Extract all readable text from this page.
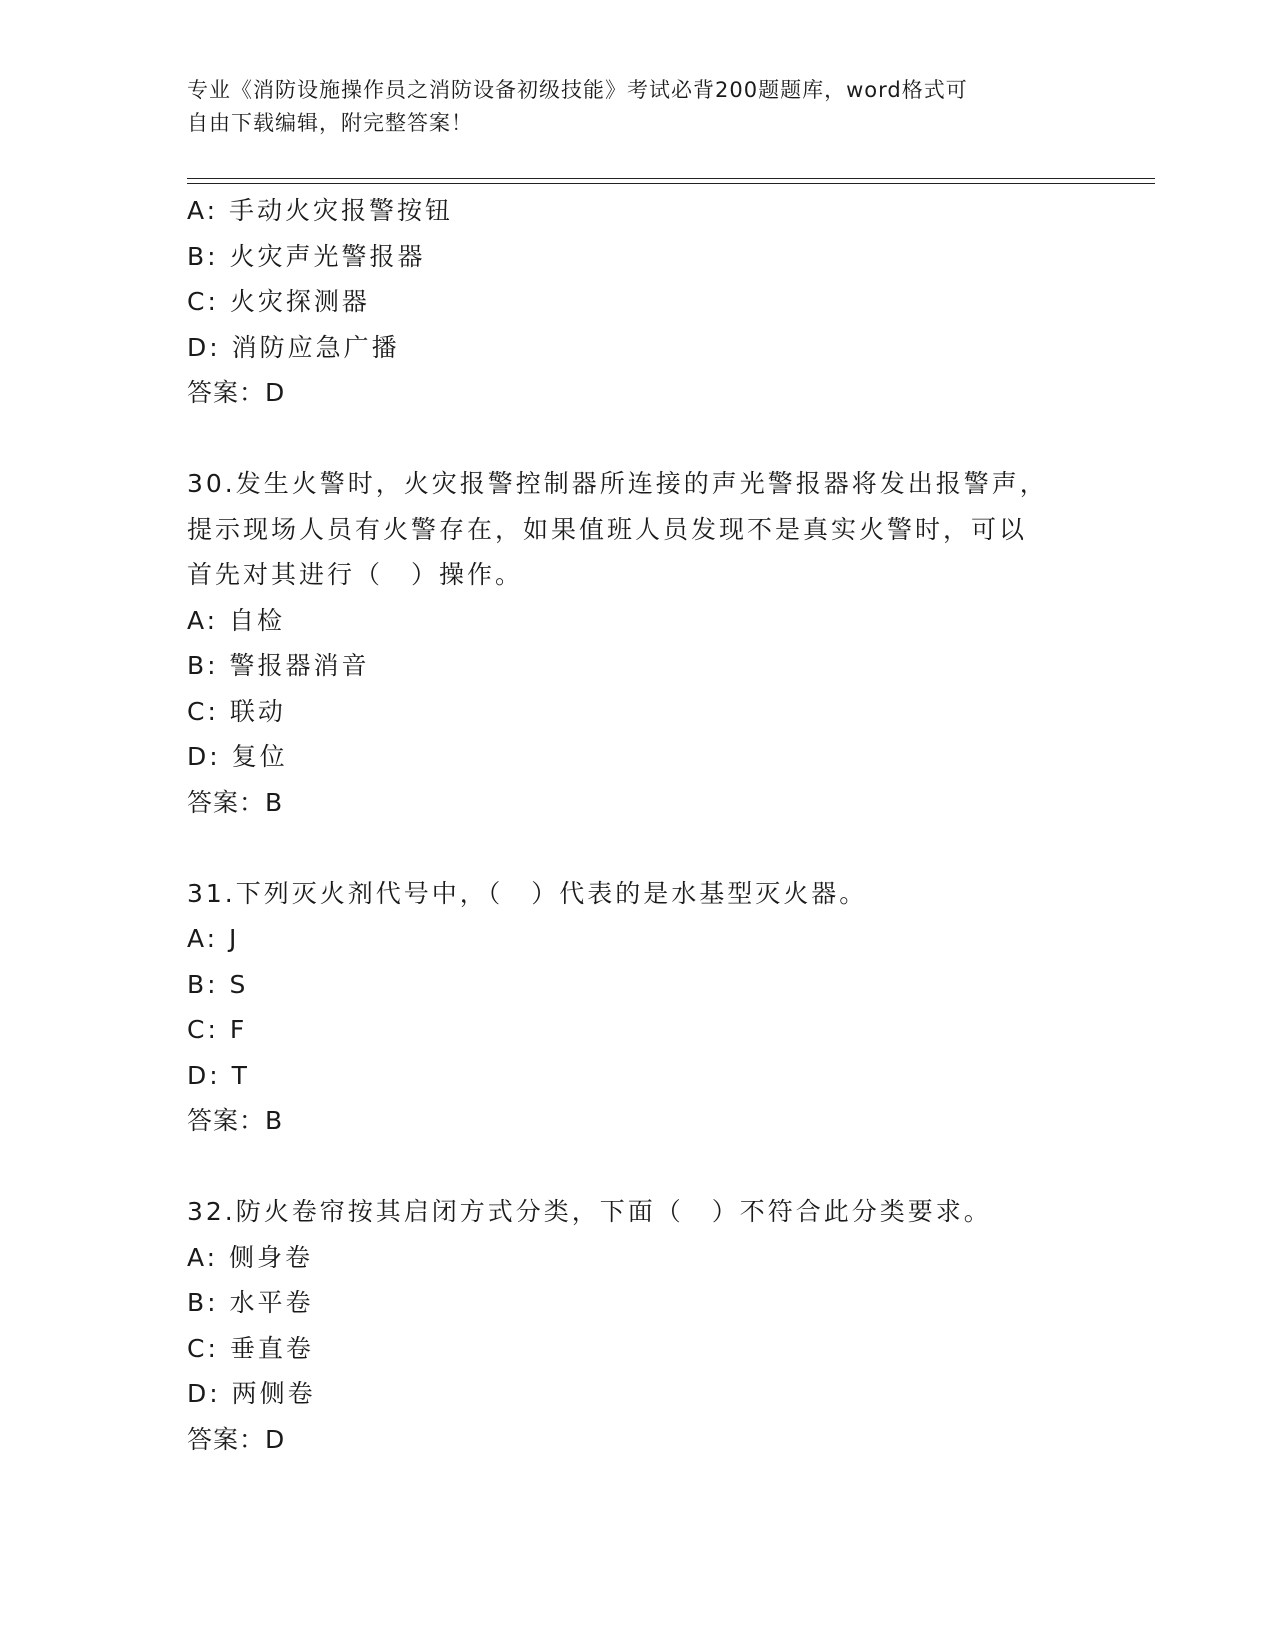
专业《消防设施操作员之消防设备初级技能》考试必背200题题库，word格式可
自由下载编辑，附完整答案！
A: 手动火灾报警按钮
B: 火灾声光警报器
C: 火灾探测器
D: 消防应急广播
答案：D
30.发生火警时，火灾报警控制器所连接的声光警报器将发出报警声，
提示现场人员有火警存在，如果值班人员发现不是真实火警时，可以
首先对其进行（　）操作。
A: 自检
B: 警报器消音
C: 联动
D: 复位
答案：B
31.下列灭火剂代号中，（　）代表的是水基型灭火器。
A: J
B: S
C: F
D: T
答案：B
32.防火卷帘按其启闭方式分类，下面（　）不符合此分类要求。
A: 侧身卷
B: 水平卷
C: 垂直卷
D: 两侧卷
答案：D
